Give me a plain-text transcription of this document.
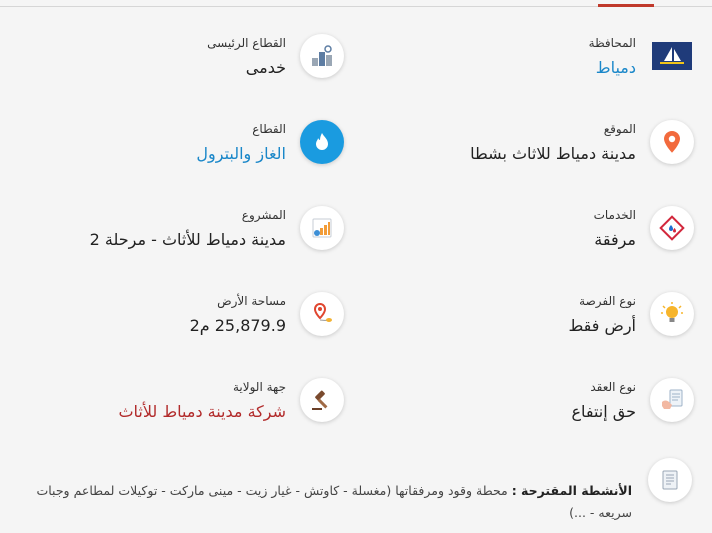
المحافظة
دمياط
الموقع
مدينة دمياط للاثاث بشطا
الخدمات
مرفقة
نوع الفرصة
أرض فقط
نوع العقد
حق إنتفاع
القطاع الرئيسى
خدمى
القطاع
الغاز والبترول
المشروع
مدينة دمياط للأثاث - مرحلة 2
مساحة الأرض
25,879.9 م2
جهة الولاية
شركة مدينة دمياط للأثاث
الأنشطة المقترحة : محطة وقود ومرفقاتها (مغسلة - كاوتش - غيار زيت - مينى ماركت - توكيلات لمطاعم وجبات سريعه - ...)
